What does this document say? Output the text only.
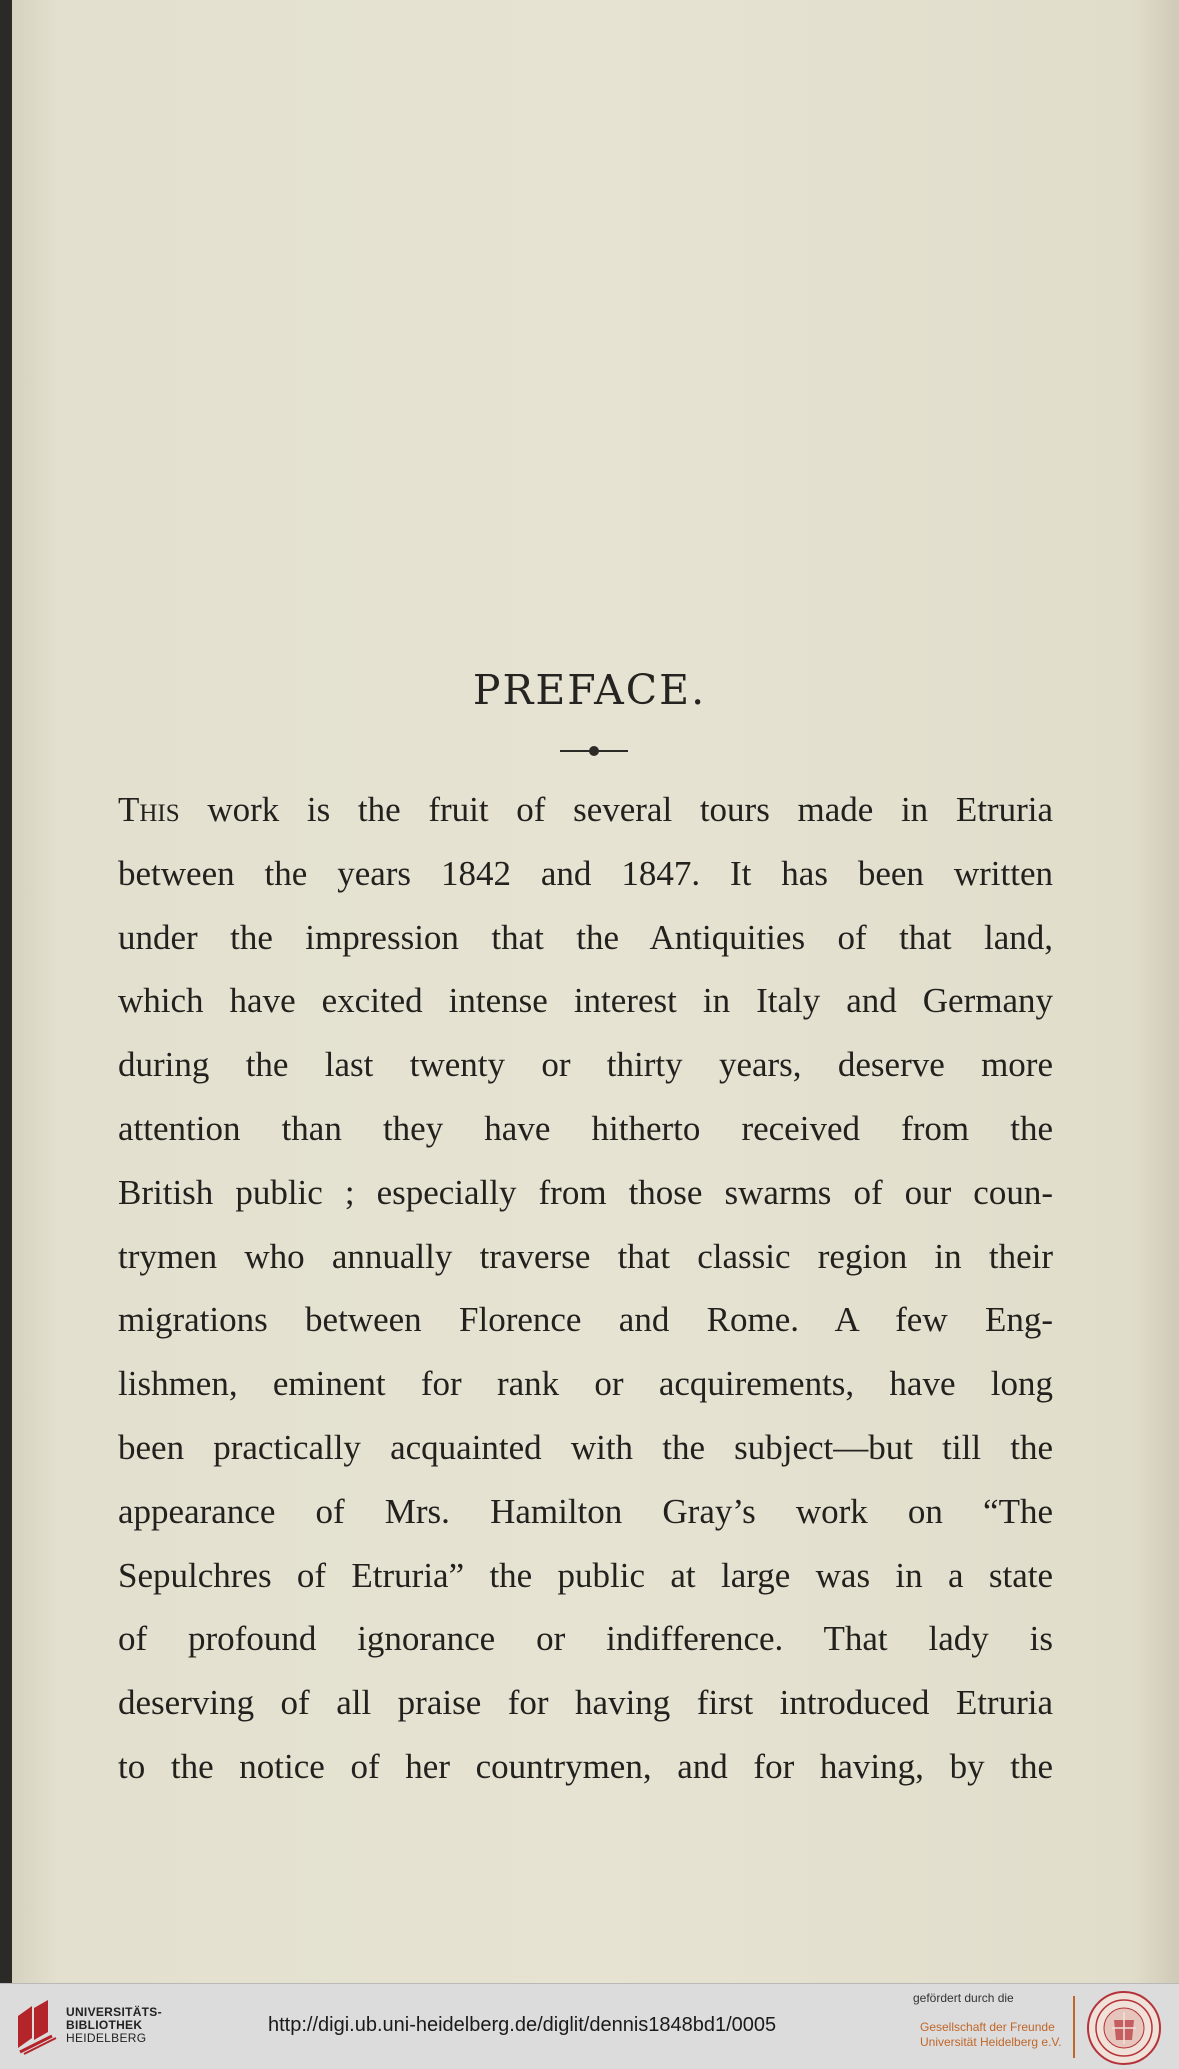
PREFACE.
This work is the fruit of several tours made in Etruria
between the years 1842 and 1847. It has been written
under the impression that the Antiquities of that land,
which have excited intense interest in Italy and Germany
during the last twenty or thirty years, deserve more
attention than they have hitherto received from the
British public ; especially from those swarms of our coun-
trymen who annually traverse that classic region in their
migrations between Florence and Rome. A few Eng-
lishmen, eminent for rank or acquirements, have long
been practically acquainted with the subject—but till the
appearance of Mrs. Hamilton Gray’s work on “The
Sepulchres of Etruria” the public at large was in a state
of profound ignorance or indifference. That lady is
deserving of all praise for having first introduced Etruria
to the notice of her countrymen, and for having, by the
UNIVERSITÄTS-
BIBLIOTHEK
HEIDELBERG
http://digi.ub.uni-heidelberg.de/diglit/dennis1848bd1/0005
gefördert durch die
Gesellschaft der Freunde
Universität Heidelberg e.V.
